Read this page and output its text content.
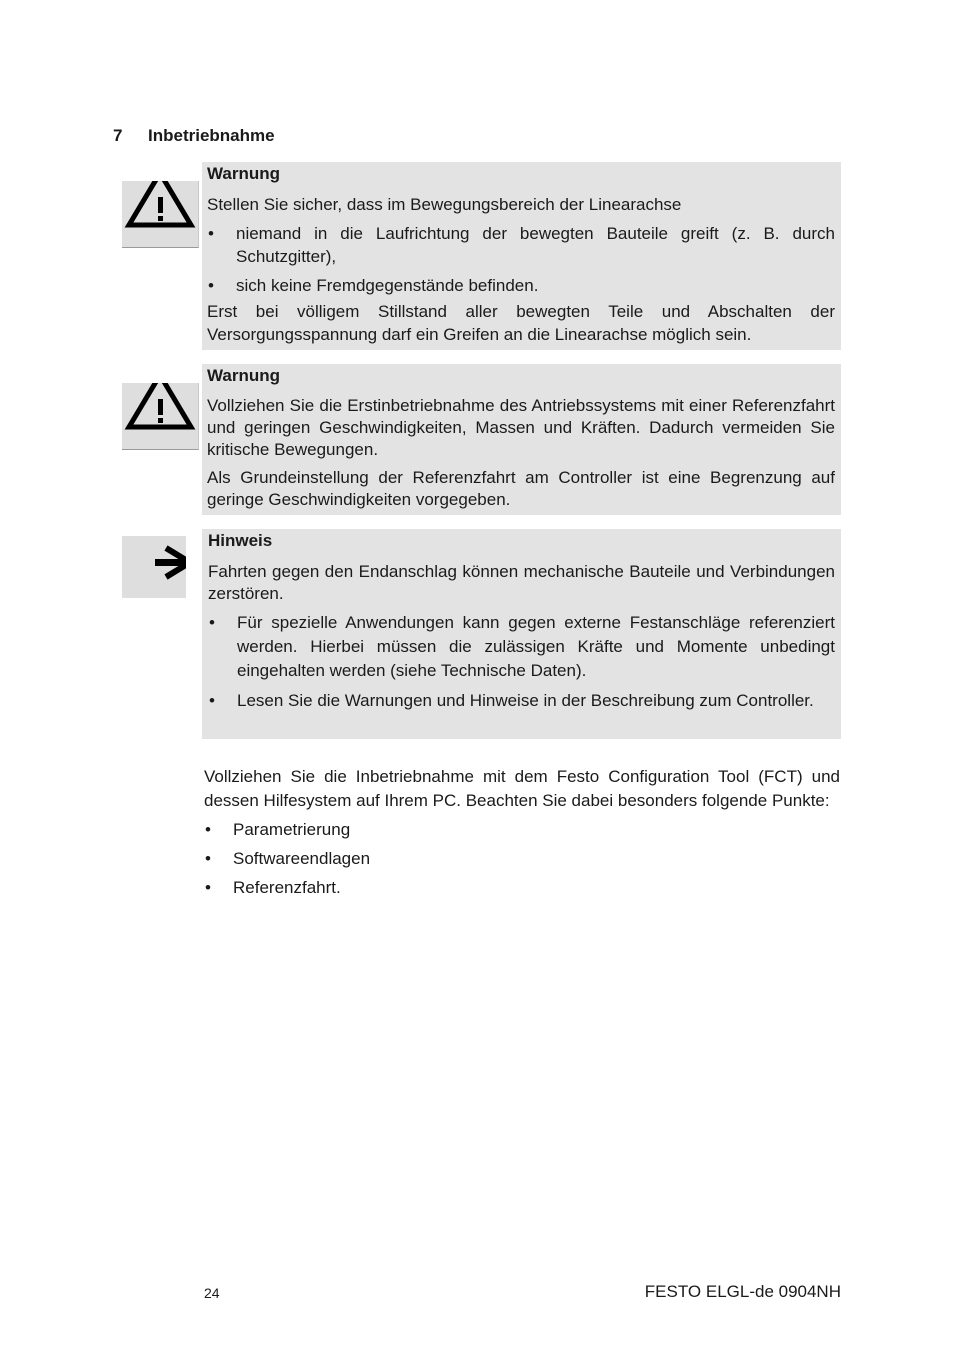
7 Inbetriebnahme

Warnung

Stellen Sie sicher, dass im Bewegungsbereich der Linearachse

• niemand in die Laufrichtung der bewegten Bauteile greift (z. B. durch Schutzgitter),
• sich keine Fremdgegenstände befinden.

Erst bei völligem Stillstand aller bewegten Teile und Abschalten der Versorgungsspannung darf ein Greifen an die Linearachse möglich sein.

Warnung

Vollziehen Sie die Erstinbetriebnahme des Antriebssystems mit einer Referenzfahrt und geringen Geschwindigkeiten, Massen und Kräften. Dadurch vermeiden Sie kritische Bewegungen.

Als Grundeinstellung der Referenzfahrt am Controller ist eine Begrenzung auf geringe Geschwindigkeiten vorgegeben.

Hinweis

Fahrten gegen den Endanschlag können mechanische Bauteile und Verbindungen zerstören.

• Für spezielle Anwendungen kann gegen externe Festanschläge referenziert werden. Hierbei müssen die zulässigen Kräfte und Momente unbedingt eingehalten werden (siehe Technische Daten).
• Lesen Sie die Warnungen und Hinweise in der Beschreibung zum Controller.

Vollziehen Sie die Inbetriebnahme mit dem Festo Configuration Tool (FCT) und dessen Hilfesystem auf Ihrem PC. Beachten Sie dabei besonders folgende Punkte:

• Parametrierung
• Softwareendlagen
• Referenzfahrt.
24	FESTO ELGL-de 0904NH
